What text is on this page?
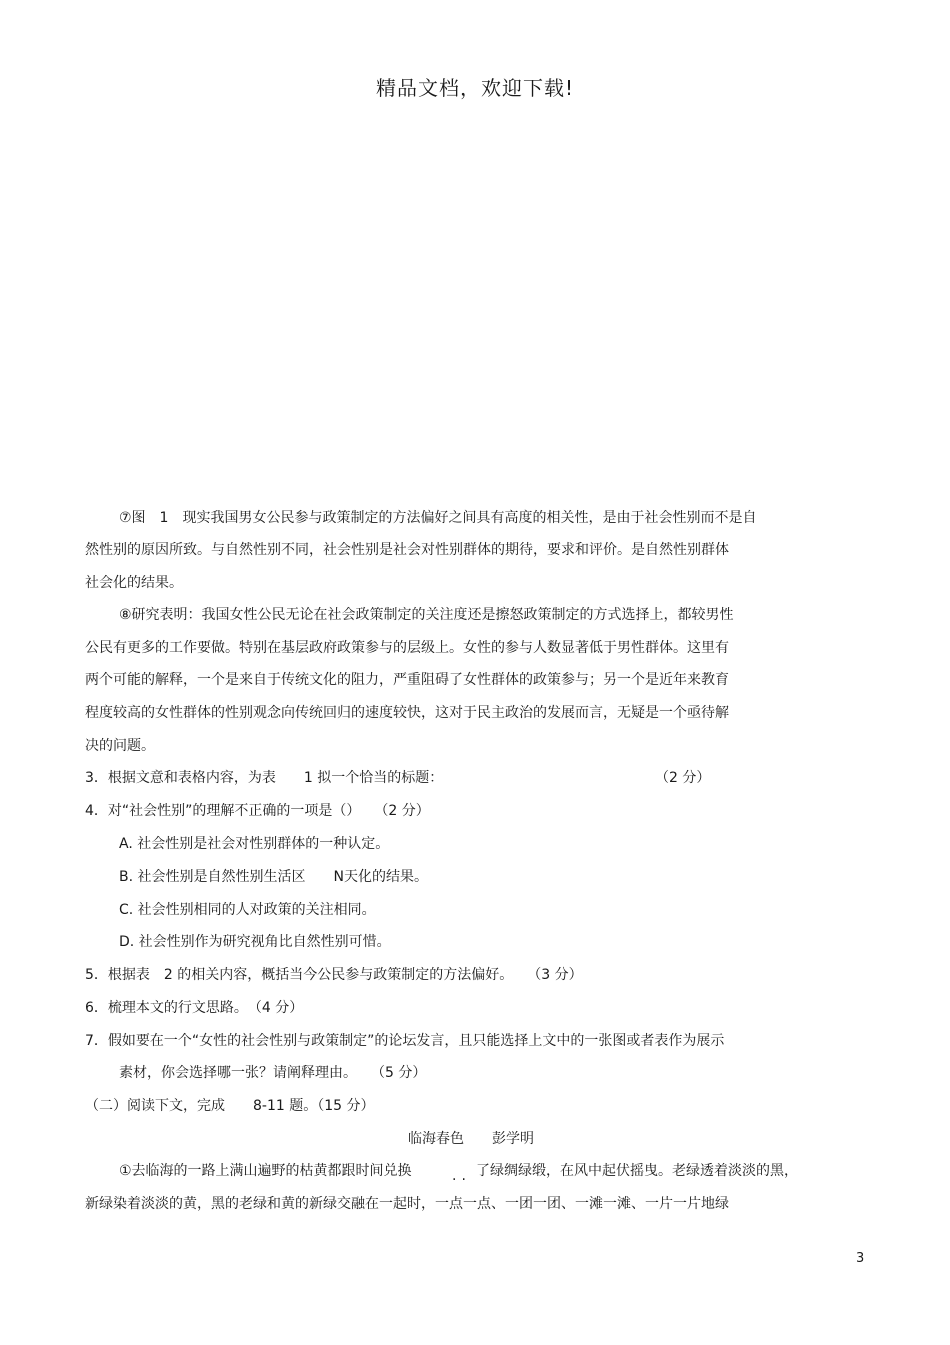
精品文档，欢迎下载!
⑦图　1　现实我国男女公民参与政策制定的方法偏好之间具有高度的相关性，是由于社会性别而不是自
然性别的原因所致。与自然性别不同，社会性别是社会对性别群体的期待，要求和评价。是自然性别群体
社会化的结果。
⑧研究表明：我国女性公民无论在社会政策制定的关注度还是擦怒政策制定的方式选择上，都较男性
公民有更多的工作要做。特别在基层政府政策参与的层级上。女性的参与人数显著低于男性群体。这里有
两个可能的解释，一个是来自于传统文化的阻力，严重阻碍了女性群体的政策参与；另一个是近年来教育
程度较高的女性群体的性别观念向传统回归的速度较快，这对于民主政治的发展而言，无疑是一个亟待解
决的问题。
3．根据文意和表格内容，为表　　1 拟一个恰当的标题：	（2 分）
4．对“社会性别”的理解不正确的一项是（）　　（2 分）
A. 社会性别是社会对性别群体的一种认定。
B. 社会性别是自然性别生活区　　N天化的结果。
C. 社会性别相同的人对政策的关注相同。
D. 社会性别作为研究视角比自然性别可惜。
5．根据表　2 的相关内容，概括当今公民参与政策制定的方法偏好。　　（3 分）
6．梳理本文的行文思路。　（4 分）
7．假如要在一个“女性的社会性别与政策制定”的论坛发言，且只能选择上文中的一张图或者表作为展示
素材，你会选择哪一张？请阐释理由。　　（5 分）
（二）阅读下文，完成　　8-11 题。（15 分）
临海春色　　彭学明
①去临海的一路上满山遍野的枯黄都跟时间兑换	.. 了绿绸绿缎，在风中起伏摇曳。老绿透着淡淡的黑，
新绿染着淡淡的黄，黑的老绿和黄的新绿交融在一起时，一点一点、一团一团、一滩一滩、一片一片地绿
3
